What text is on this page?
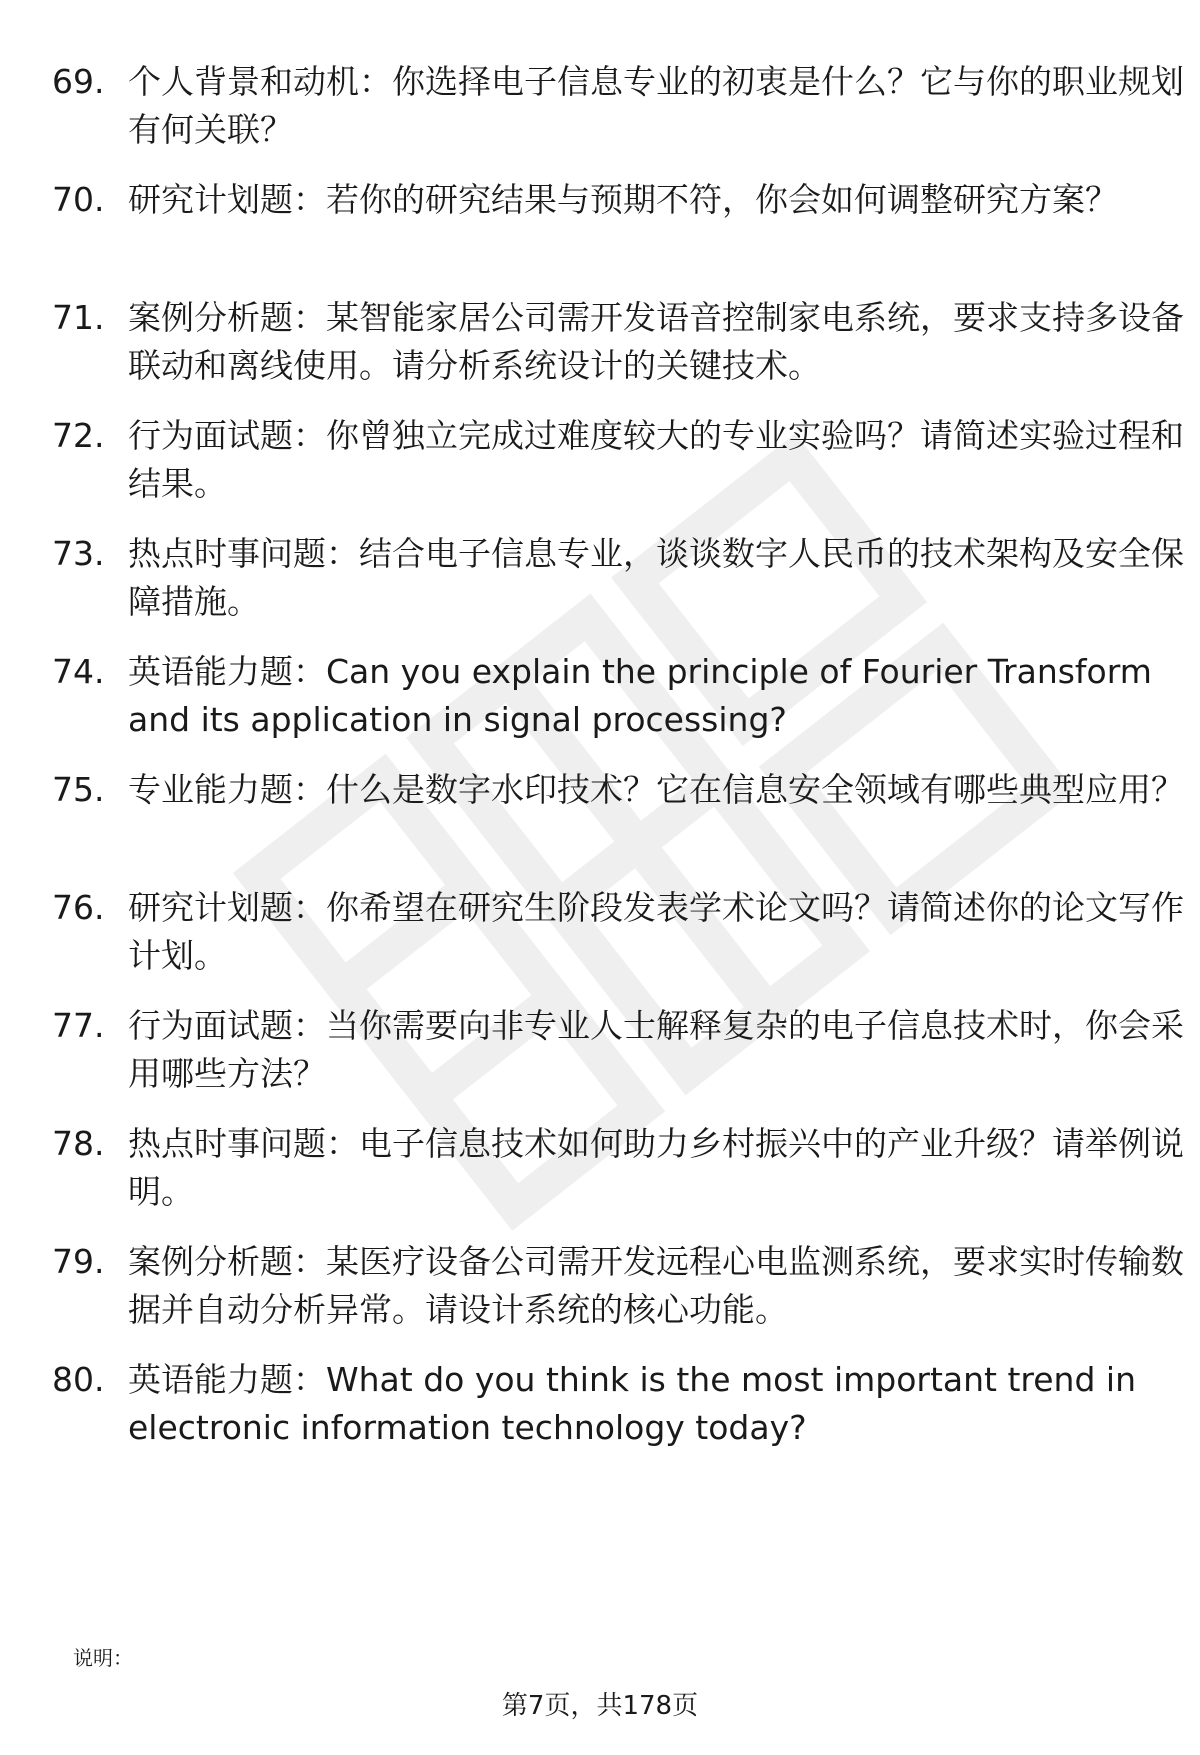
69. 个人背景和动机：你选择电子信息专业的初衷是什么？它与你的职业规划有何关联？
70. 研究计划题：若你的研究结果与预期不符，你会如何调整研究方案？
71. 案例分析题：某智能家居公司需开发语音控制家电系统，要求支持多设备联动和离线使用。请分析系统设计的关键技术。
72. 行为面试题：你曾独立完成过难度较大的专业实验吗？请简述实验过程和结果。
73. 热点时事问题：结合电子信息专业，谈谈数字人民币的技术架构及安全保障措施。
74. 英语能力题：Can you explain the principle of Fourier Transform and its application in signal processing?
75. 专业能力题：什么是数字水印技术？它在信息安全领域有哪些典型应用？
76. 研究计划题：你希望在研究生阶段发表学术论文吗？请简述你的论文写作计划。
77. 行为面试题：当你需要向非专业人士解释复杂的电子信息技术时，你会采用哪些方法？
78. 热点时事问题：电子信息技术如何助力乡村振兴中的产业升级？请举例说明。
79. 案例分析题：某医疗设备公司需开发远程心电监测系统，要求实时传输数据并自动分析异常。请设计系统的核心功能。
80. 英语能力题：What do you think is the most important trend in electronic information technology today?
说明：
第7页，共178页
